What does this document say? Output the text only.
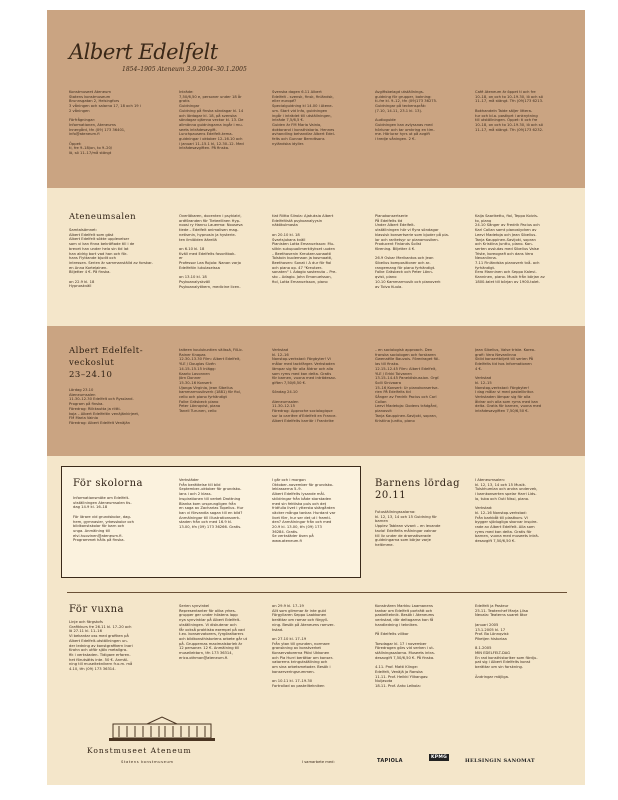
Albert Edelfelt
1854–1905 Ateneum 3.9.2004–30.1.2005
Konstmuseet Ateneum
Statens konstmuseum
Brunnsgatan 2, Helsingfors
3 våningen och salarna 17, 18 och 19 i
2 våningen

Förfrågningar:
Informationen, Ateneums
Innergård, tfn (09) 173 36401,
info@ateneum.fi

Öppet:
ti, fre 9–18/on, to 9–20/
lö, sö 11–17/må stängt
Inträde:
7,50/6,50 e, personer under 18 år
gratis
Guidningar
Guidning på finska söndagar kl. 14
och lördagar kl. 18, på svenska
söndagar ojämna veckor kl. 13. De
allmänna guidningarna ingår i mu-
seets inträdesavgift.
Lunchpausens Edelfelt-tema-
guidningar i oktober 12–16.10 och
i januari 11–15.1 kl. 12.30–12. Med
inträdesavgiften. På finska.
Svenska dagen 6.11 Albert
Edelfelt - svensk, finsk, finländsk,
eller europé?
Specialguidning kl 14.00 i Atene-
um. Start vid Info, guidningen
ingår i inträdet till utställningen,
inträde 7,5/6,5 €.
Guiden är FM Maria Vainio,
doktorand i konsthistoria. Hennes
avhandling behandlar Albert Edel-
felts och Gunnar Berndtsons
nyländska idyller.
Avgiftsbelagd utställnings-
guidning för grupper, bokning:
ti–fre kl. 9–12, tfn (09)173 36275.
Guidningar på teckenspråk:
(7.10, 14.11, 23.1 kl. 13).

Audioguide
Guidningen kan avlyssnas med
hörlurar och tar omkring en tim-
me. Hörlurar hyrs ut på avgift
i tredje våningen. 2 €.
Café Ateneum är öppet ti och fre
10–18, on och to 10–19.30, lö och sö
11–17, må stängt. Tfn (09)173 6213.

Bokhandeln Taide säljer littera-
tur och bl.a. postkort i anknytning
till utställningen. Öppet: ti och fre
10–18, on och to 10–19.30, lö och sö
11–17, må stängt. Tfn (09)173 6232.
Ateneumsalen
Samtalsämnet:
Albert Edelfelt som gäst
Albert Edelfelt sökte upplevelser
som vi kan finna bekräftade till i de
brevet han under hela sin tid lat
han aldrig bort vad han och för-
hans Flyttande bjudit och
intressen. Serien är sammanställd av forskar-
en Anna Kortelainen.
Biljetter 4 €. På finska.

on 22.9 kl. 18
Hypnoskväll
Överläkaren, docenten i psykiatri,
ordföranden för Tieteellinen Hyp-
noosi ry Hannu Lauerma: Nouseva
tiede – Edelfelt animalisen mag-
netismin, hypnosin ja hysterie-
ten ilmiöiden äärellä

on 6.10 kl. 18
Kväll med Edelfelts favoritbok-
er
Professor Lea Rojola: Nanan varjo
Edelfeltin lukulaseissa

on 13.10 kl. 18
Psykoanalyskväll
Psykoanalytikern, medicine licen-
tiat Riitta Siirola: Ajatuksia Albert
Edelfeltistä psykoanalyysin
näkökulmasta

on 20.10 kl. 18
Svartsjukans kväll
Pianisten Lotta Emanuelsson: Mu-
siikin sukupuolimerkitykset uuden
– Beethovenin Kreutzer-sonaatti
Tolstoin kuolemaan ja kosmaatti,
Beethoven: Sonat i A dur för fiol
och piano op. 47 "Kreutzer-
sonaten" I. Adagio sostenuto – Pre-
sto – Adagio. John Emanuelsson,
fiol, Lotta Emanuelsson, piano
Pianokonsertserie
På Edelfelts tid
Under Albert Edelfelt-
utställningen hör vi flyra söndagar
klassisk konsertserie som bjuder på pia-
lor och raritetsyr ur pianomusiken.
Producent Finlands Sollst
förening. Biljetter 4 €.

26.9 Oskar Merikantos och Jean
Sibelius kompositioner och ar-
rangemang för piano fyrhändigt.
Folke Gräsbeck och Peter Lönn-
qvist, piano
10.10 Kammarmusik och pianoverk
av Toivo Kuula.
Kaija Saarikettu, fiol, Teppo Koivis-
to, piano
24.10 Sånger av Fredrik Pacius och
Karl Collan samt pianostycken av
Leevi Madetoja och Jean Sibelius.
Tanja Kauppinen-Savijoki, sopran
och Kristiina Junttu, piano. Kon-
serten avslutas med Sibelius Valse
Triste, koreografi och dans Vera
Nevanlinna.
7.11 Finländska pianoverk två- och
fyrhändigt.
Eero Manninen och Seppo Kalevi-
Kanninen, piano. Musik från början av
1800-talet till början av 1900-talet.
Albert Edelfelt-
veckoslut
23–24.10
Lördag 23.10
Ateneumsalen
11.30–12.30 Edelfelt och Ryssland.
Program på finska.
Föredrag: Riikkautta ja riitti-
koja – Albert Edelfeltin venäjänkirjeet,
FM Maria Vainio
Föredrag: Albert Edelfelt Venäjän
taiteen koulukuntien välissä, FilLic.
Rainer Knapas
12.30–13.30 Film: Albert Edelfelt,
YLE / Douglas Sivén
14.15–15.15 Inlägg:
Kaarlo Lavonnen
Jörn Donner
15.30–16 Konsert:
Ujanga Virginia, Jean Sibelius
kammarmusikverk (1881) för fiol,
cello och piano fyrhändigt
Folke Gräsbeck piano
Peter Lönnqvist, piano
Taneli Turunen, cello
Verkstad
kl. 12–16
Nonstop-verkstad: Färgbyter! Vi
målar med tackfärger. Verkstaden
lämpar sig för alla åldrar och alla
som ryms med kan delta. Gratis
för barnen, vuxna med inträdesav-
giften 7,50/6,50 €.

Söndag 24.10

Ateneumsalen
11.30–12.15
Föredrag: Approche sociologique
sur la carrière d'Edelfelt en France.
Albert Edelfelts karriär i Frankrike
– en sociologisk approach. Den
franska sociologen och forskaren
Gwenaëlle Bauvois. Föredraget föl-
las till finska.
12.15–12.45 Film: Albert Edelfelt,
YLE / Erkki Toivanen
13.15–14.45 Paneldiskussion. Orgf.
Solli Sinivaara
15–16 Konsert: Ur pianokonsertse-
rien På Edelfelts tid
Sånger av Fredrik Pacius och Carl
Collan
Leevi Madetoja: Dodens trädgård,
pianosvit
Tanja Kauppinen-Savijoki, sopran,
Kristiina Junttu, piano
Jean Sibelius, Valse triste. Koreo-
grafi: Vera Nevanlinna
Skild konsertbiljett till serien På
Edelfelts tid hos Informationen
4 €.

Verkstad
kl. 12–15
Nonstop-verkstad: Färgbyter!
I dag målar vi med pastellkritor.
Verkstaden lämpar sig för alla
åldrar och alla som ryms med kan
delta. Gratis för barnen, vuxna med
inträdesavgiften 7,50/6,50 €.
För skolorna
Informationsmöte om Edelfelt-
utställningen Ateneumsalen tis-
dag 14.9 kl. 16–18

För lärare vid grundskolor, dag-
hem, gymnasier, yrkesskolor och
bildkonstskolor för barn och
unga. Anmälning till
elvi.huovinen@ateneum.fi.
Programmet hålls på finska.
Verkstäder
Från berättelse till bild
September–oktober för grundsko-
lans i och 2 klass.
Inspirationen till verket Drottning
Blanka kom ursprungligen från
en saga av Zacharias Topelius. Hur
kan vi förvandla sagan till en bild?
Anmälningar till illustrationsverk-
staden från och med 16.9 kl.
13.00, tfn (09) 173 36266. Gratis.
I går och i morgon
Oktober–november för grundsko-
leklasserna 5–9.
Albert Edelfelts lysande mål-
skildringar från både storstaden
med sin fektiska puls och det
fridfulla livet i yttersta skärgården
väcker många tankar. Hurdant var
livet förr, hur ser det ut i framti-
den? Anmälningar från och med
20.9 kl. 13.00, tfn (09) 173
36284. Gratis.
Se verkstäder även på
www.ateneum.fi
Barnens lördag
20.11
Futuställningssalarna:
kl. 12, 13, 14 och 15 Guidning för
barnen
Upplev Tablean vivant – en levande
tavla! Edelfelts målningar vaknar
till liv under de dramatiserade
guidningarna som börjar varje
heltimme.
I Ateneumsalen:
kl. 12, 13, 14 och 15 Musik.
Tulskhumlan och andra undervek,
i barnkonserten spelar Harri Lids-
lo, tuba och Outi Nissi, piano.

Verkstad:
kl. 12–16 Nonstop-verkstad:
Från barkbåt till plastkorv. Vi
bygger sjödugliga skorvar inspire-
rade av Albert Edelfelt. Alla som
ryms med kan delta. Gratis för
barnen, vuxna med museets inträ-
desavgift 7,50/6,50 €.
För vuxna
Linje och färgstofs
Grafikkurs fre 26.11 kl. 17–20 och
lö 27.11 kl. 11–16
Vi bekantar oss med grafiken på
Albert Edelfelt-utställningen un-
der ledning av konstgrafikern Inari
Krohn och utför själv metallgra-
fik i verkstaden. Tidigare erfaren-
het förutsätts inte. 50 €. Anmäl-
ning till museiteknikern fr.o.m. må
4.10, tfn (09) 173 36314.
Serien synvinkel
Representanter för olika yrkes-
grupper ger under höstens lopp
nya synvinklar på Albert Edelfelt-
utställningen. Vi diskuterar och
får också praktiska exempel på vad
t.ex. konservatorers, fyrgöraltarers
och bildkonsthistoriens arbete går ut
på. Gruppernas maximalstorlek är
12 personer. 12 €. Anmälning till
museilektorn, tfn 173 36314,
erica.othman@ateneum.fi.
on 29.9 kl. 17–19
Allt som glimmar är inte guld
Förgyllaren Seppo Laakkonen
berättar om ramar och förgyll-
ning. Besök på Ateneums ramver-
kstad.

on 27.10 kl. 17–19
Från ytan till grunden, normare
granskning av konstverket
Konservatorerna Päivi Ukkonen
och Pia Hurri berättar om konser-
vatorerns kringutställning och
om sina arbetsmetoder. Besök i
konserveringsrummen.

on 10.11 kl. 17–19.30
Fortrollad av pastelltekniken
Konstnären Markku Laamanens
tankar om Edelfelt porträtt och
pastellteknik. Besök i Ateneums
verkstad, där deltagarna kan få
handledning i tekniken.

På Edelfelts villkor

Torsdagar kl. 17 i november
Föredragen görs vid verken i ut-
ställningssalarna. Museets intrа-
desavgift 7,50/6,50 €. På finska.

4.11. Prof. Matti Klinge:
Edelfelt, Venäjä ja Ranska
11.11. Prof. Heikki Ylikangas:
Nuijasota
18.11. Prof. Anto Leikola:
Edelfelt ja Pasteur
25.11. Teaterchef Marja Liisa
Nevala: Teaterns suaret åtor

Januari 2005
13.1.2005 kl. 17
Prof. Bo Lönnqvist:
Piketjen historiaa

8.1.2005
MIN EDELFELT-DAG
En rad konsthistoriker som fördju-
pat sig i Albert Edelfelts konst
berättar om sin forskning.

Ändringar möjliga.
Konstmuseet Ateneum
Statens konstmuseum	I samarbete med:	TAPIOLA
KPMG
HELSINGIN SANOMAT
